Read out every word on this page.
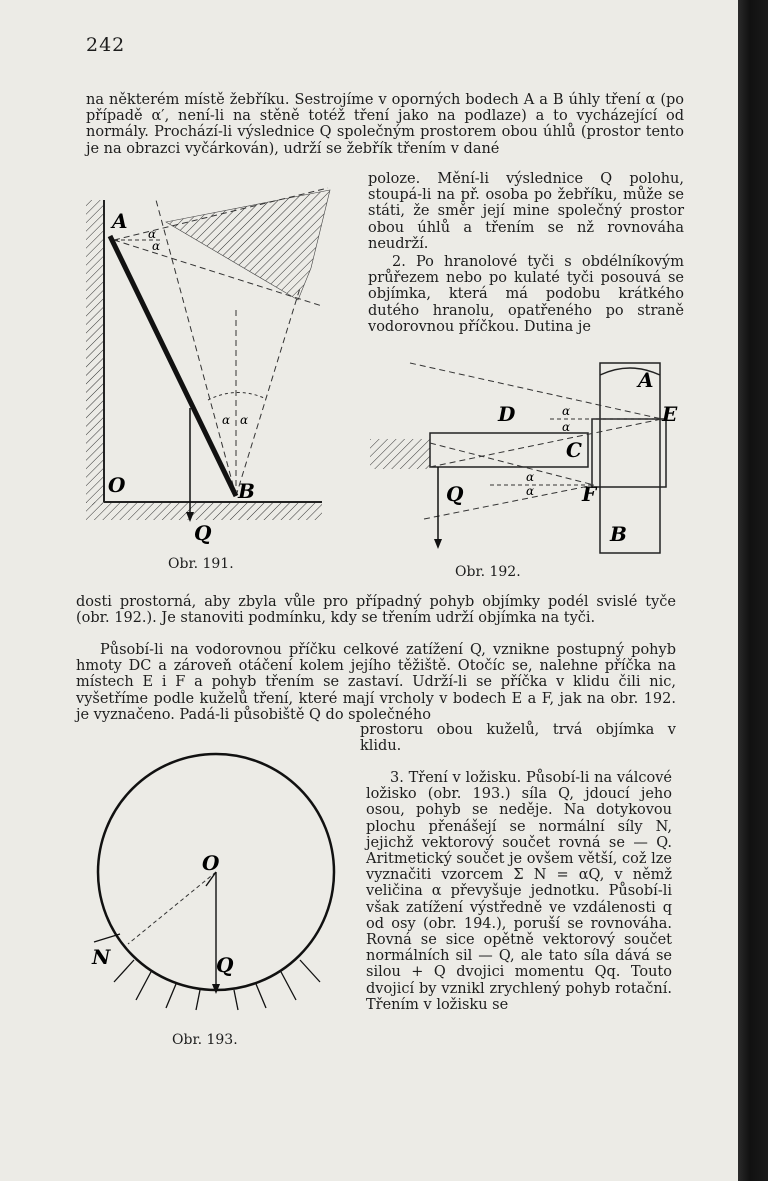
242

na některém místě žebříku. Sestrojíme v oporných bodech A a B úhly tření α (po případě α′, není-li na stěně totéž tření jako na podlaze) a to vycházející od normály. Prochází-li výslednice Q společným prostorem obou úhlů (prostor tento je na obrazci vyčárkován), udrží se žebřík třením v dané

poloze. Mění-li výslednice Q polohu, stoupá-li na př. osoba po žebříku, může se státi, že směr její mine společný prostor obou úhlů a třením se nž rovnováha neudrží.

2. Po hranolové tyči s obdélníkovým průřezem nebo po kulaté tyči posouvá se objímka, která má podobu krátkého dutého hranolu, opatřeného po straně vodorovnou příčkou. Dutina je

A
B
O
Q
α
α
α α
Obr. 191.
A
B
C
D	E
F
Q
α
α
α
α
Obr. 192.

dosti prostorná, aby zbyla vůle pro případný pohyb objímky podél svislé tyče (obr. 192.). Je stanoviti podmínku, kdy se třením udrží objímka na tyči.

Působí-li na vodorovnou příčku celkové zatížení Q, vznikne postupný pohyb hmoty DC a zároveň otáčení kolem jejího těžiště. Otočíc se, nalehne příčka na místech E i F a pohyb třením se zastaví. Udrží-li se příčka v klidu čili nic, vyšetříme podle kuželů tření, které mají vrcholy v bodech E a F, jak na obr. 192. je vyznačeno. Padá-li působiště Q do společného

prostoru obou kuželů, trvá objímka v klidu.

O
N	Q
Obr. 193.

3. Tření v ložisku. Působí-li na válcové ložisko (obr. 193.) síla Q, jdoucí jeho osou, pohyb se neděje. Na dotykovou plochu přenášejí se normální síly N, jejichž vektorový součet rovná se — Q. Aritmetický součet je ovšem větší, což lze vyznačiti vzorcem Σ N = αQ, v němž veličina α převyšuje jednotku. Působí-li však zatížení výstředně ve vzdálenosti q od osy (obr. 194.), poruší se rovnováha. Rovná se sice opětně vektorový součet normálních sil — Q, ale tato síla dává se silou + Q dvojici momentu Qq. Touto dvojicí by vznikl zrychlený pohyb rotační. Třením v ložisku se
